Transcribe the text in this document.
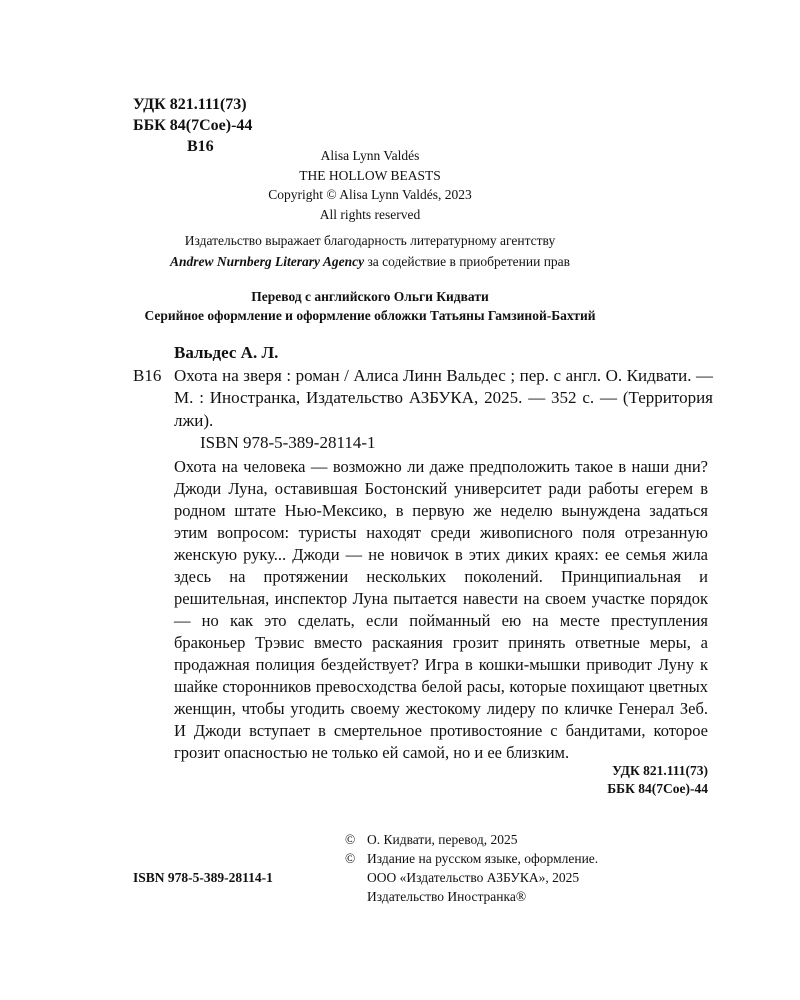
УДК 821.111(73)
ББК 84(7Сое)-44
В16
Alisa Lynn Valdés
THE HOLLOW BEASTS
Copyright © Alisa Lynn Valdés, 2023
All rights reserved
Издательство выражает благодарность литературному агентству
Andrew Nurnberg Literary Agency за содействие в приобретении прав
Перевод с английского Ольги Кидвати
Серийное оформление и оформление обложки Татьяны Гамзиной-Бахтий
Вальдес А. Л.
В16 Охота на зверя : роман / Алиса Линн Вальдес ; пер. с англ. О. Кидвати. — М. : Иностранка, Издательство АЗБУКА, 2025. — 352 с. — (Территория лжи).
ISBN 978-5-389-28114-1

Охота на человека — возможно ли даже предположить такое в наши дни? Джоди Луна, оставившая Бостонский университет ради работы егерем в родном штате Нью-Мексико, в первую же неделю вынуждена задаться этим вопросом: туристы находят среди живописного поля отрезанную женскую руку... Джоди — не новичок в этих диких краях: ее семья жила здесь на протяжении нескольких поколений. Принципиальная и решительная, инспектор Луна пытается навести на своем участке порядок — но как это сделать, если пойманный ею на месте преступления браконьер Трэвис вместо раскаяния грозит принять ответные меры, а продажная полиция бездействует? Игра в кошки-мышки приводит Луну к шайке сторонников превосходства белой расы, которые похищают цветных женщин, чтобы угодить своему жестокому лидеру по кличке Генерал Зеб. И Джоди вступает в смертельное противостояние с бандитами, которое грозит опасностью не только ей самой, но и ее близким.

УДК 821.111(73)
ББК 84(7Сое)-44
© О. Кидвати, перевод, 2025
© Издание на русском языке, оформление.
ООО «Издательство АЗБУКА», 2025
Издательство Иностранка®
ISBN 978-5-389-28114-1
